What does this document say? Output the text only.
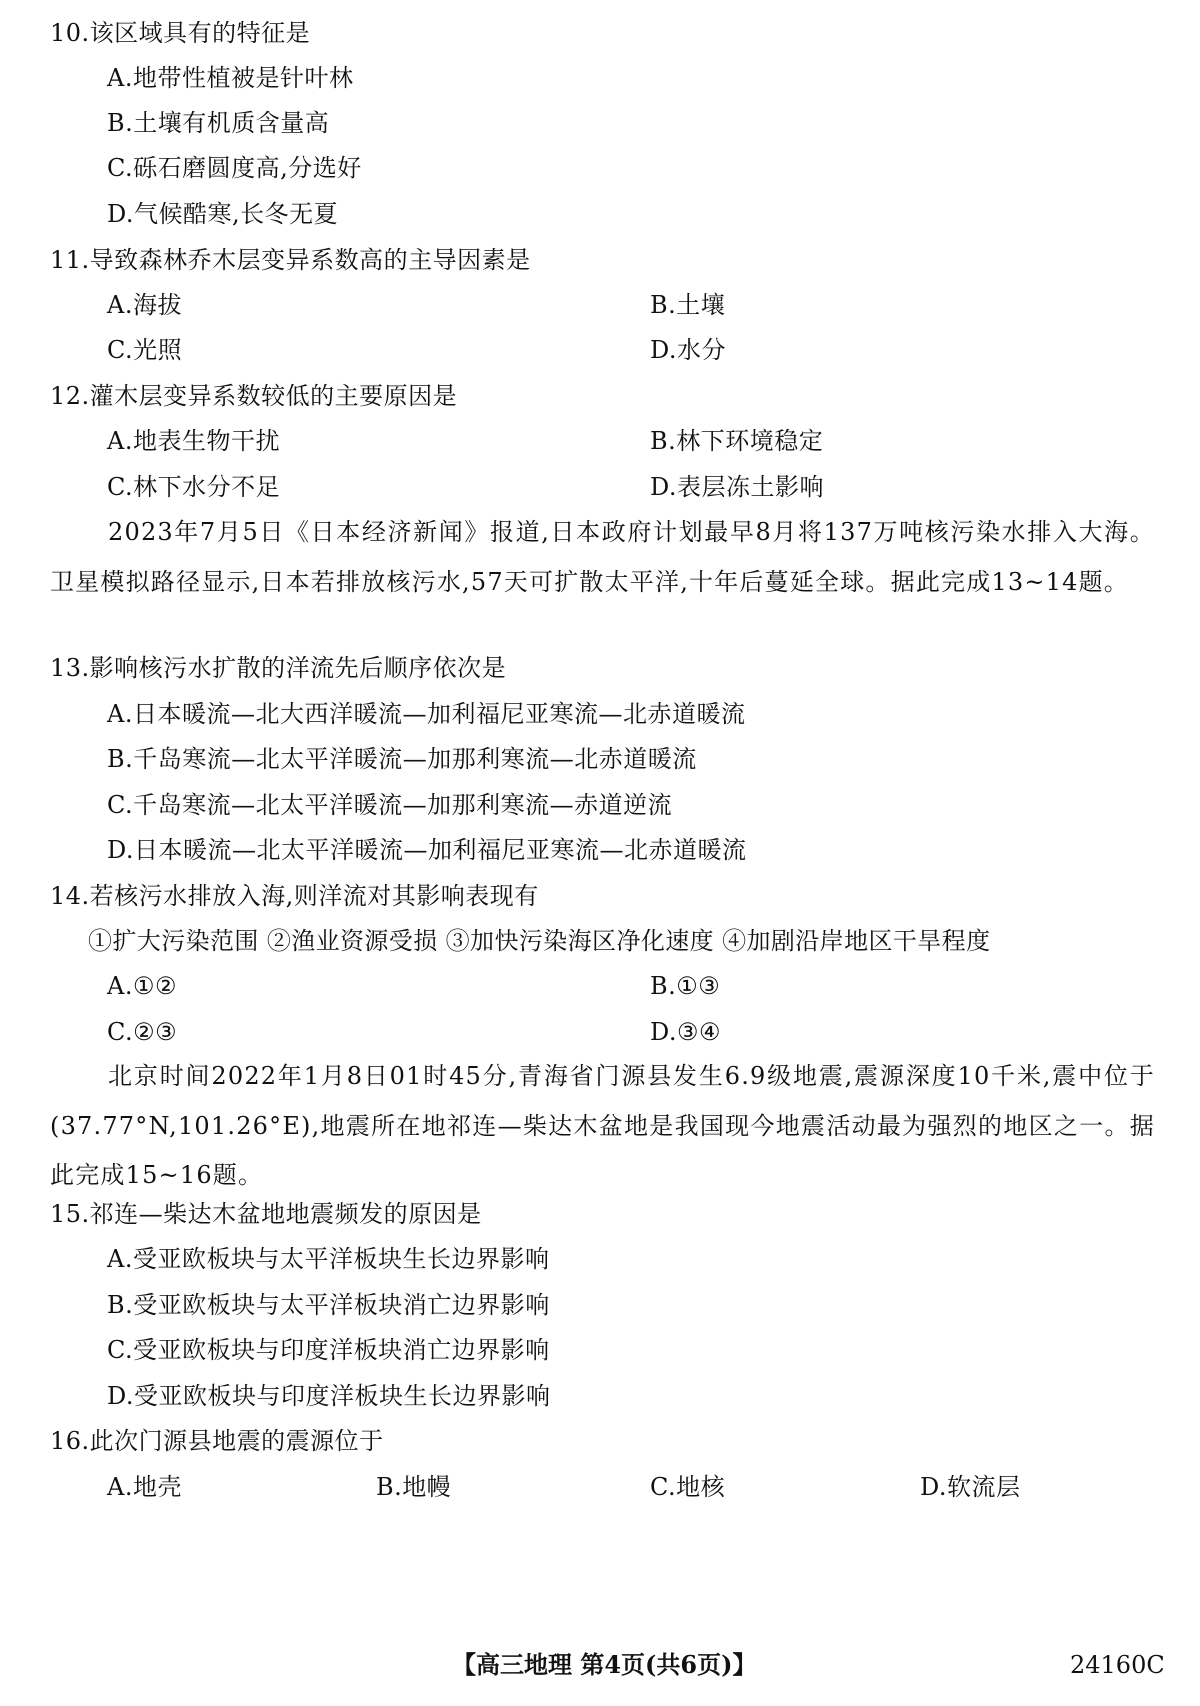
10.该区域具有的特征是
A.地带性植被是针叶林
B.土壤有机质含量高
C.砾石磨圆度高,分选好
D.气候酷寒,长冬无夏
11.导致森林乔木层变异系数高的主导因素是
A.海拔	B.土壤
C.光照	D.水分
12.灌木层变异系数较低的主要原因是
A.地表生物干扰	B.林下环境稳定
C.林下水分不足	D.表层冻土影响
2023年7月5日《日本经济新闻》报道,日本政府计划最早8月将137万吨核污染水排入大海。卫星模拟路径显示,日本若排放核污水,57天可扩散太平洋,十年后蔓延全球。据此完成13~14题。
13.影响核污水扩散的洋流先后顺序依次是
A.日本暖流—北大西洋暖流—加利福尼亚寒流—北赤道暖流
B.千岛寒流—北太平洋暖流—加那利寒流—北赤道暖流
C.千岛寒流—北太平洋暖流—加那利寒流—赤道逆流
D.日本暖流—北太平洋暖流—加利福尼亚寒流—北赤道暖流
14.若核污水排放入海,则洋流对其影响表现有
①扩大污染范围 ②渔业资源受损 ③加快污染海区净化速度 ④加剧沿岸地区干旱程度
A.①②	B.①③
C.②③	D.③④
北京时间2022年1月8日01时45分,青海省门源县发生6.9级地震,震源深度10千米,震中位于(37.77°N,101.26°E),地震所在地祁连—柴达木盆地是我国现今地震活动最为强烈的地区之一。据此完成15~16题。
15.祁连—柴达木盆地地震频发的原因是
A.受亚欧板块与太平洋板块生长边界影响
B.受亚欧板块与太平洋板块消亡边界影响
C.受亚欧板块与印度洋板块消亡边界影响
D.受亚欧板块与印度洋板块生长边界影响
16.此次门源县地震的震源位于
A.地壳	B.地幔	C.地核	D.软流层
【高三地理 第4页(共6页)】	24160C
